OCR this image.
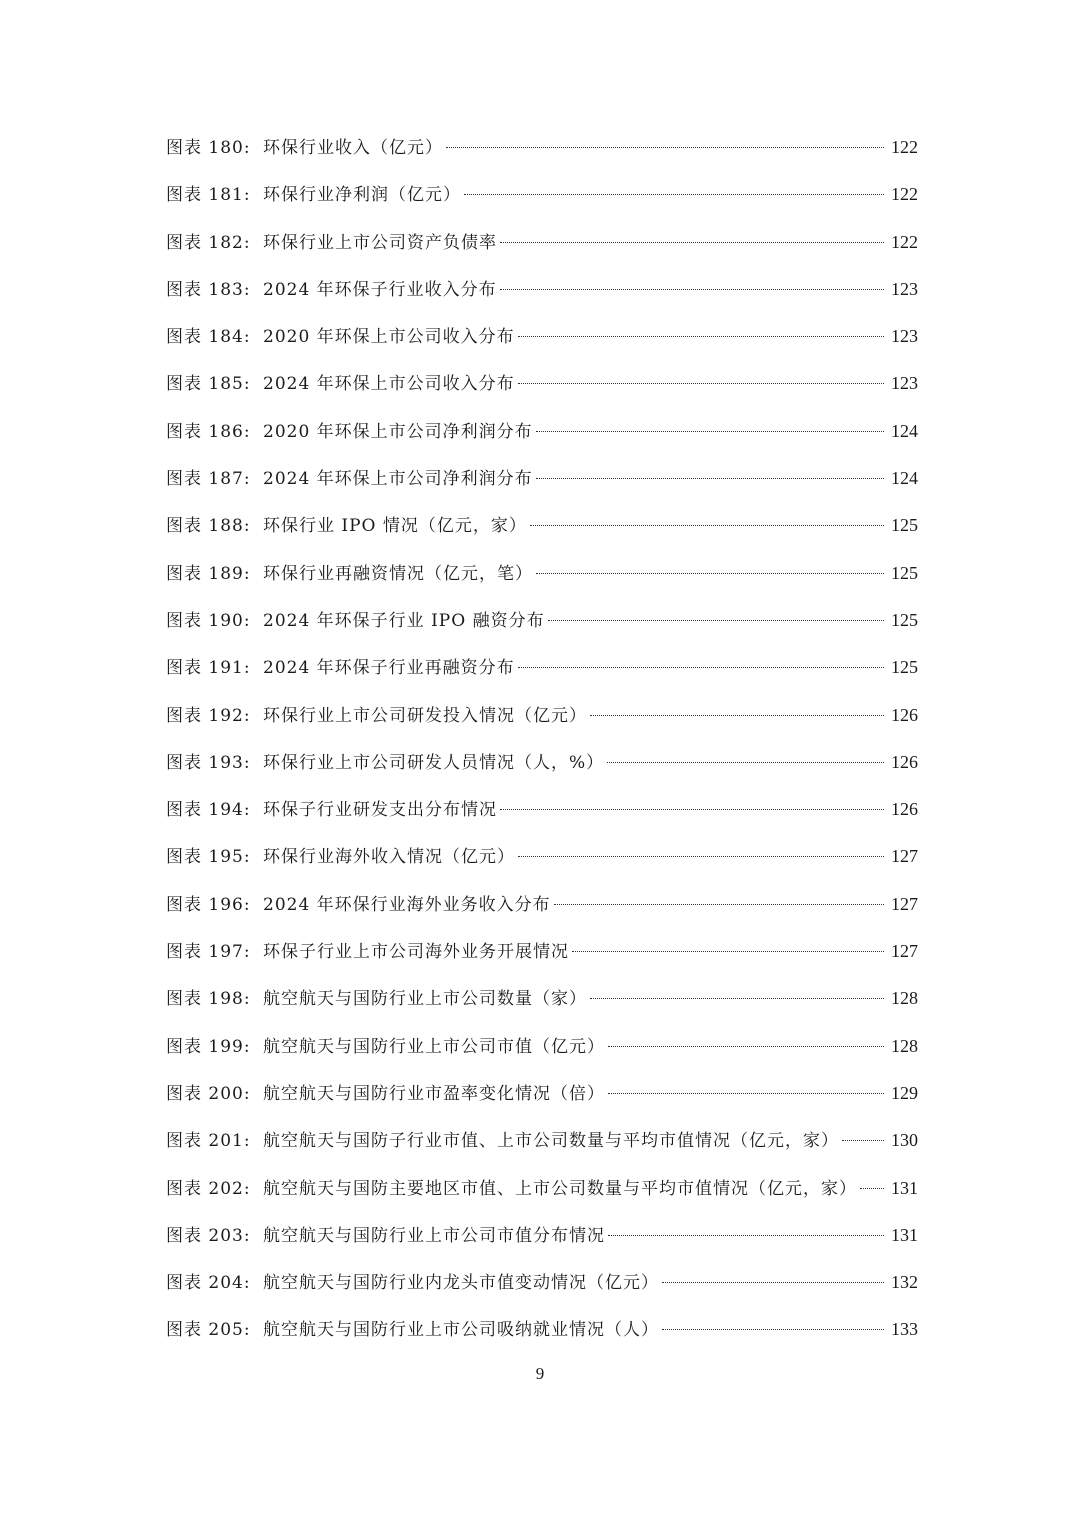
图表 180: 环保行业收入（亿元）	122
图表 181: 环保行业净利润（亿元）	122
图表 182: 环保行业上市公司资产负债率	122
图表 183: 2024 年环保子行业收入分布	123
图表 184: 2020 年环保上市公司收入分布	123
图表 185: 2024 年环保上市公司收入分布	123
图表 186: 2020 年环保上市公司净利润分布	124
图表 187: 2024 年环保上市公司净利润分布	124
图表 188: 环保行业 IPO 情况（亿元，家）	125
图表 189: 环保行业再融资情况（亿元，笔）	125
图表 190: 2024 年环保子行业 IPO 融资分布	125
图表 191: 2024 年环保子行业再融资分布	125
图表 192: 环保行业上市公司研发投入情况（亿元）	126
图表 193: 环保行业上市公司研发人员情况（人，%）	126
图表 194: 环保子行业研发支出分布情况	126
图表 195: 环保行业海外收入情况（亿元）	127
图表 196: 2024 年环保行业海外业务收入分布	127
图表 197: 环保子行业上市公司海外业务开展情况	127
图表 198: 航空航天与国防行业上市公司数量（家）	128
图表 199: 航空航天与国防行业上市公司市值（亿元）	128
图表 200: 航空航天与国防行业市盈率变化情况（倍）	129
图表 201: 航空航天与国防子行业市值、上市公司数量与平均市值情况（亿元，家）	130
图表 202: 航空航天与国防主要地区市值、上市公司数量与平均市值情况（亿元，家） 131
图表 203: 航空航天与国防行业上市公司市值分布情况	131
图表 204: 航空航天与国防行业内龙头市值变动情况（亿元）	132
图表 205: 航空航天与国防行业上市公司吸纳就业情况（人）	133
9
